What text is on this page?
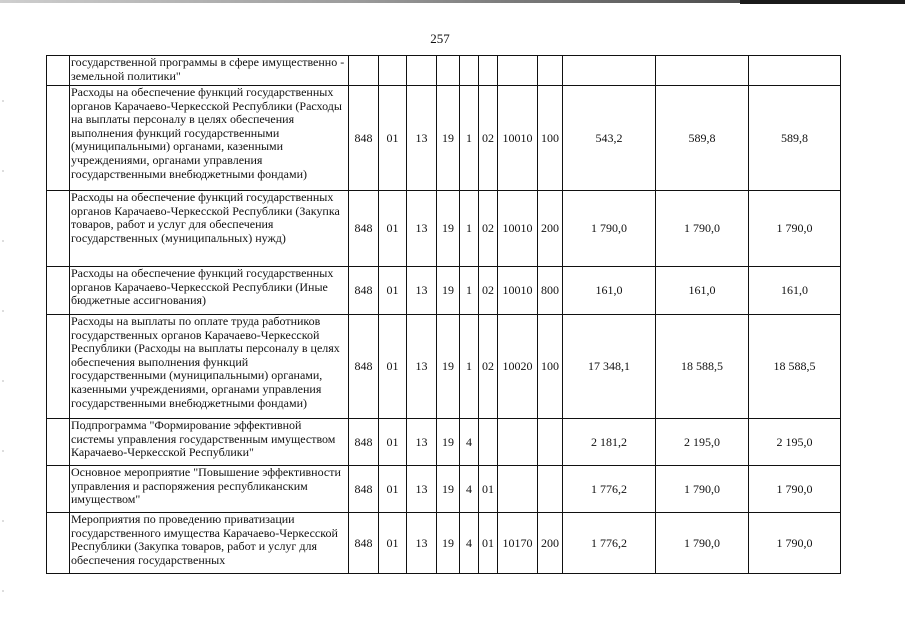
257
	государственной программы в сфере имущественно - земельной политики"											
	Расходы на обеспечение функций государственных органов Карачаево-Черкесской Республики (Расходы на выплаты персоналу в целях обеспечения выполнения функций государственными (муниципальными) органами, казенными учреждениями, органами управления государственными внебюджетными фондами)	848	01	13	19	1	02	10010	100	543,2	589,8	589,8
	Расходы на обеспечение функций государственных органов Карачаево-Черкесской Республики (Закупка товаров, работ и услуг для обеспечения государственных (муниципальных) нужд)	848	01	13	19	1	02	10010	200	1 790,0	1 790,0	1 790,0
	Расходы на обеспечение функций государственных органов Карачаево-Черкесской Республики (Иные бюджетные ассигнования)	848	01	13	19	1	02	10010	800	161,0	161,0	161,0
	Расходы на выплаты по оплате труда работников государственных органов Карачаево-Черкесской Республики (Расходы на выплаты персоналу в целях обеспечения выполнения функций государственными (муниципальными) органами, казенными учреждениями, органами управления государственными внебюджетными фондами)	848	01	13	19	1	02	10020	100	17 348,1	18 588,5	18 588,5
	Подпрограмма "Формирование эффективной системы управления государственным имуществом Карачаево-Черкесской Республики"	848	01	13	19	4				2 181,2	2 195,0	2 195,0
	Основное мероприятие "Повышение эффективности управления и распоряжения республиканским имуществом"	848	01	13	19	4	01			1 776,2	1 790,0	1 790,0
	Мероприятия по проведению приватизации государственного имущества Карачаево-Черкесской Республики (Закупка товаров, работ и услуг для обеспечения государственных	848	01	13	19	4	01	10170	200	1 776,2	1 790,0	1 790,0
